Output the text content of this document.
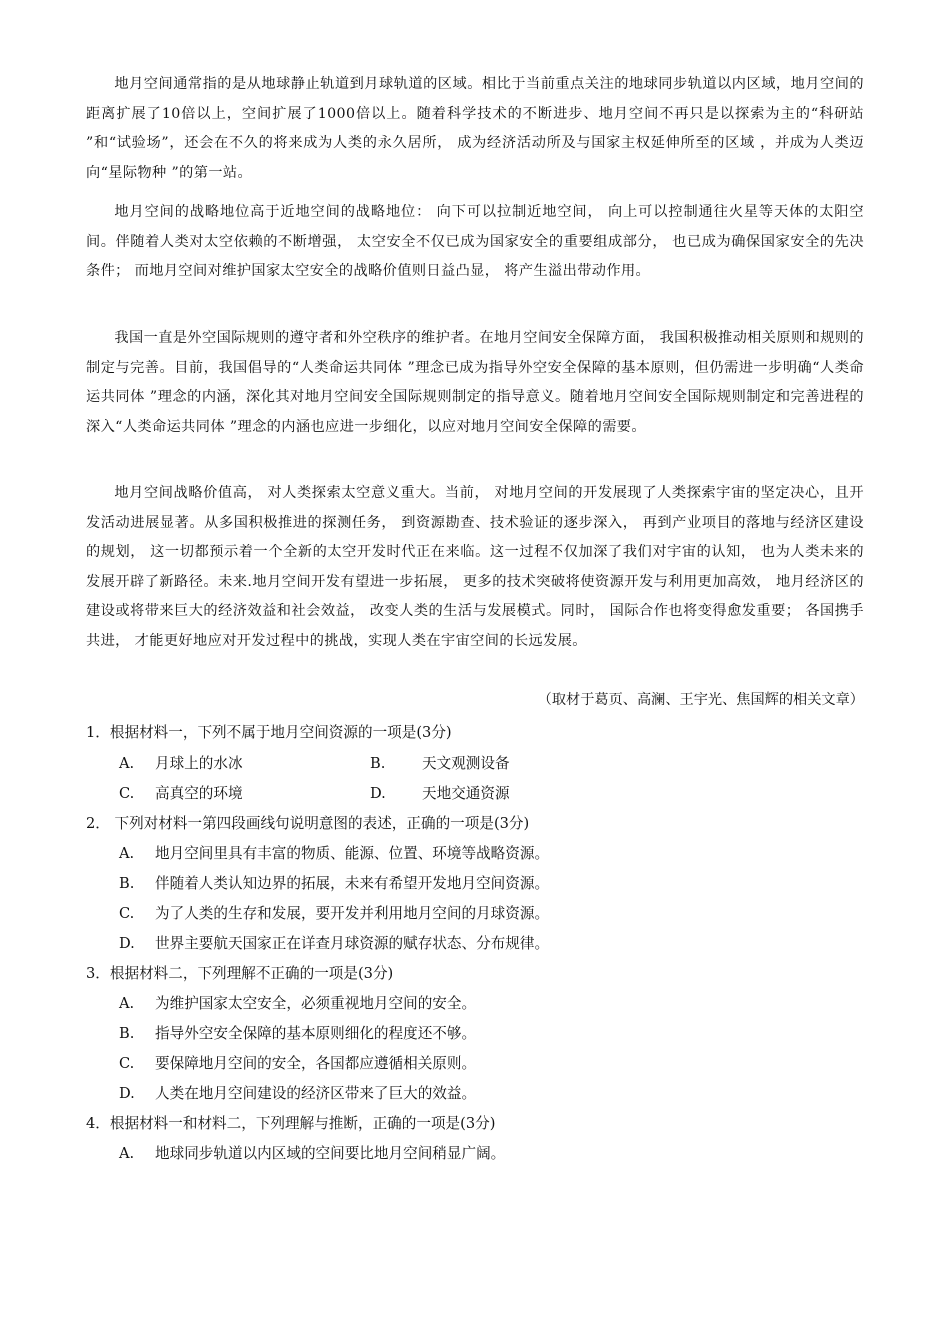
地月空间通常指的是从地球静止轨道到月球轨道的区域。相比于当前重点关注的地球同步轨道以内区域，地月空间的距离扩展了10倍以上，空间扩展了1000倍以上。随着科学技术的不断进步、地月空间不再只是以探索为主的“科研站 ”和“试验场”，还会在不久的将来成为人类的永久居所， 成为经济活动所及与国家主权延伸所至的区域 ，并成为人类迈向“星际物种 ”的第一站。

地月空间的战略地位高于近地空间的战略地位： 向下可以拉制近地空间， 向上可以控制通往火星等天体的太阳空间。伴随着人类对太空依赖的不断增强， 太空安全不仅已成为国家安全的重要组成部分， 也已成为确保国家安全的先决条件； 而地月空间对维护国家太空安全的战略价值则日益凸显， 将产生溢出带动作用。

我国一直是外空国际规则的遵守者和外空秩序的维护者。在地月空间安全保障方面， 我国积极推动相关原则和规则的制定与完善。目前，我国倡导的“人类命运共同体 ”理念已成为指导外空安全保障的基本原则，但仍需进一步明确“人类命运共同体 ”理念的内涵，深化其对地月空间安全国际规则制定的指导意义。随着地月空间安全国际规则制定和完善进程的深入“人类命运共同体 ”理念的内涵也应进一步细化，以应对地月空间安全保障的需要。

地月空间战略价值高， 对人类探索太空意义重大。当前， 对地月空间的开发展现了人类探索宇宙的坚定决心，且开发活动进展显著。从多国积极推进的探测任务， 到资源勘查、技术验证的逐步深入， 再到产业项目的落地与经济区建设的规划， 这一切都预示着一个全新的太空开发时代正在来临。这一过程不仅加深了我们对宇宙的认知， 也为人类未来的发展开辟了新路径。未来.地月空间开发有望进一步拓展， 更多的技术突破将使资源开发与利用更加高效， 地月经济区的建设或将带来巨大的经济效益和社会效益， 改变人类的生活与发展模式。同时， 国际合作也将变得愈发重要； 各国携手共进， 才能更好地应对开发过程中的挑战，实现人类在宇宙空间的长远发展。

（取材于葛页、高澜、王宇光、焦国辉的相关文章）
1．根据材料一，下列不属于地月空间资源的一项是(3分)
A. 月球上的水冰	B.	天文观测设备
C. 高真空的环境	D. 天地交通资源
2． 下列对材料一第四段画线句说明意图的表述，正确的一项是(3分)
A. 地月空间里具有丰富的物质、能源、位置、环境等战略资源。
B. 伴随着人类认知边界的拓展，未来有希望开发地月空间资源。
C. 为了人类的生存和发展，要开发并利用地月空间的月球资源。
D. 世界主要航天国家正在详查月球资源的赋存状态、分布规律。
3．根据材料二，下列理解不正确的一项是(3分)
A. 为维护国家太空安全，必须重视地月空间的安全。
B. 指导外空安全保障的基本原则细化的程度还不够。
C. 要保障地月空间的安全，各国都应遵循相关原则。
D. 人类在地月空间建设的经济区带来了巨大的效益。
4．根据材料一和材料二，下列理解与推断，正确的一项是(3分)
A. 地球同步轨道以内区域的空间要比地月空间稍显广阔。
